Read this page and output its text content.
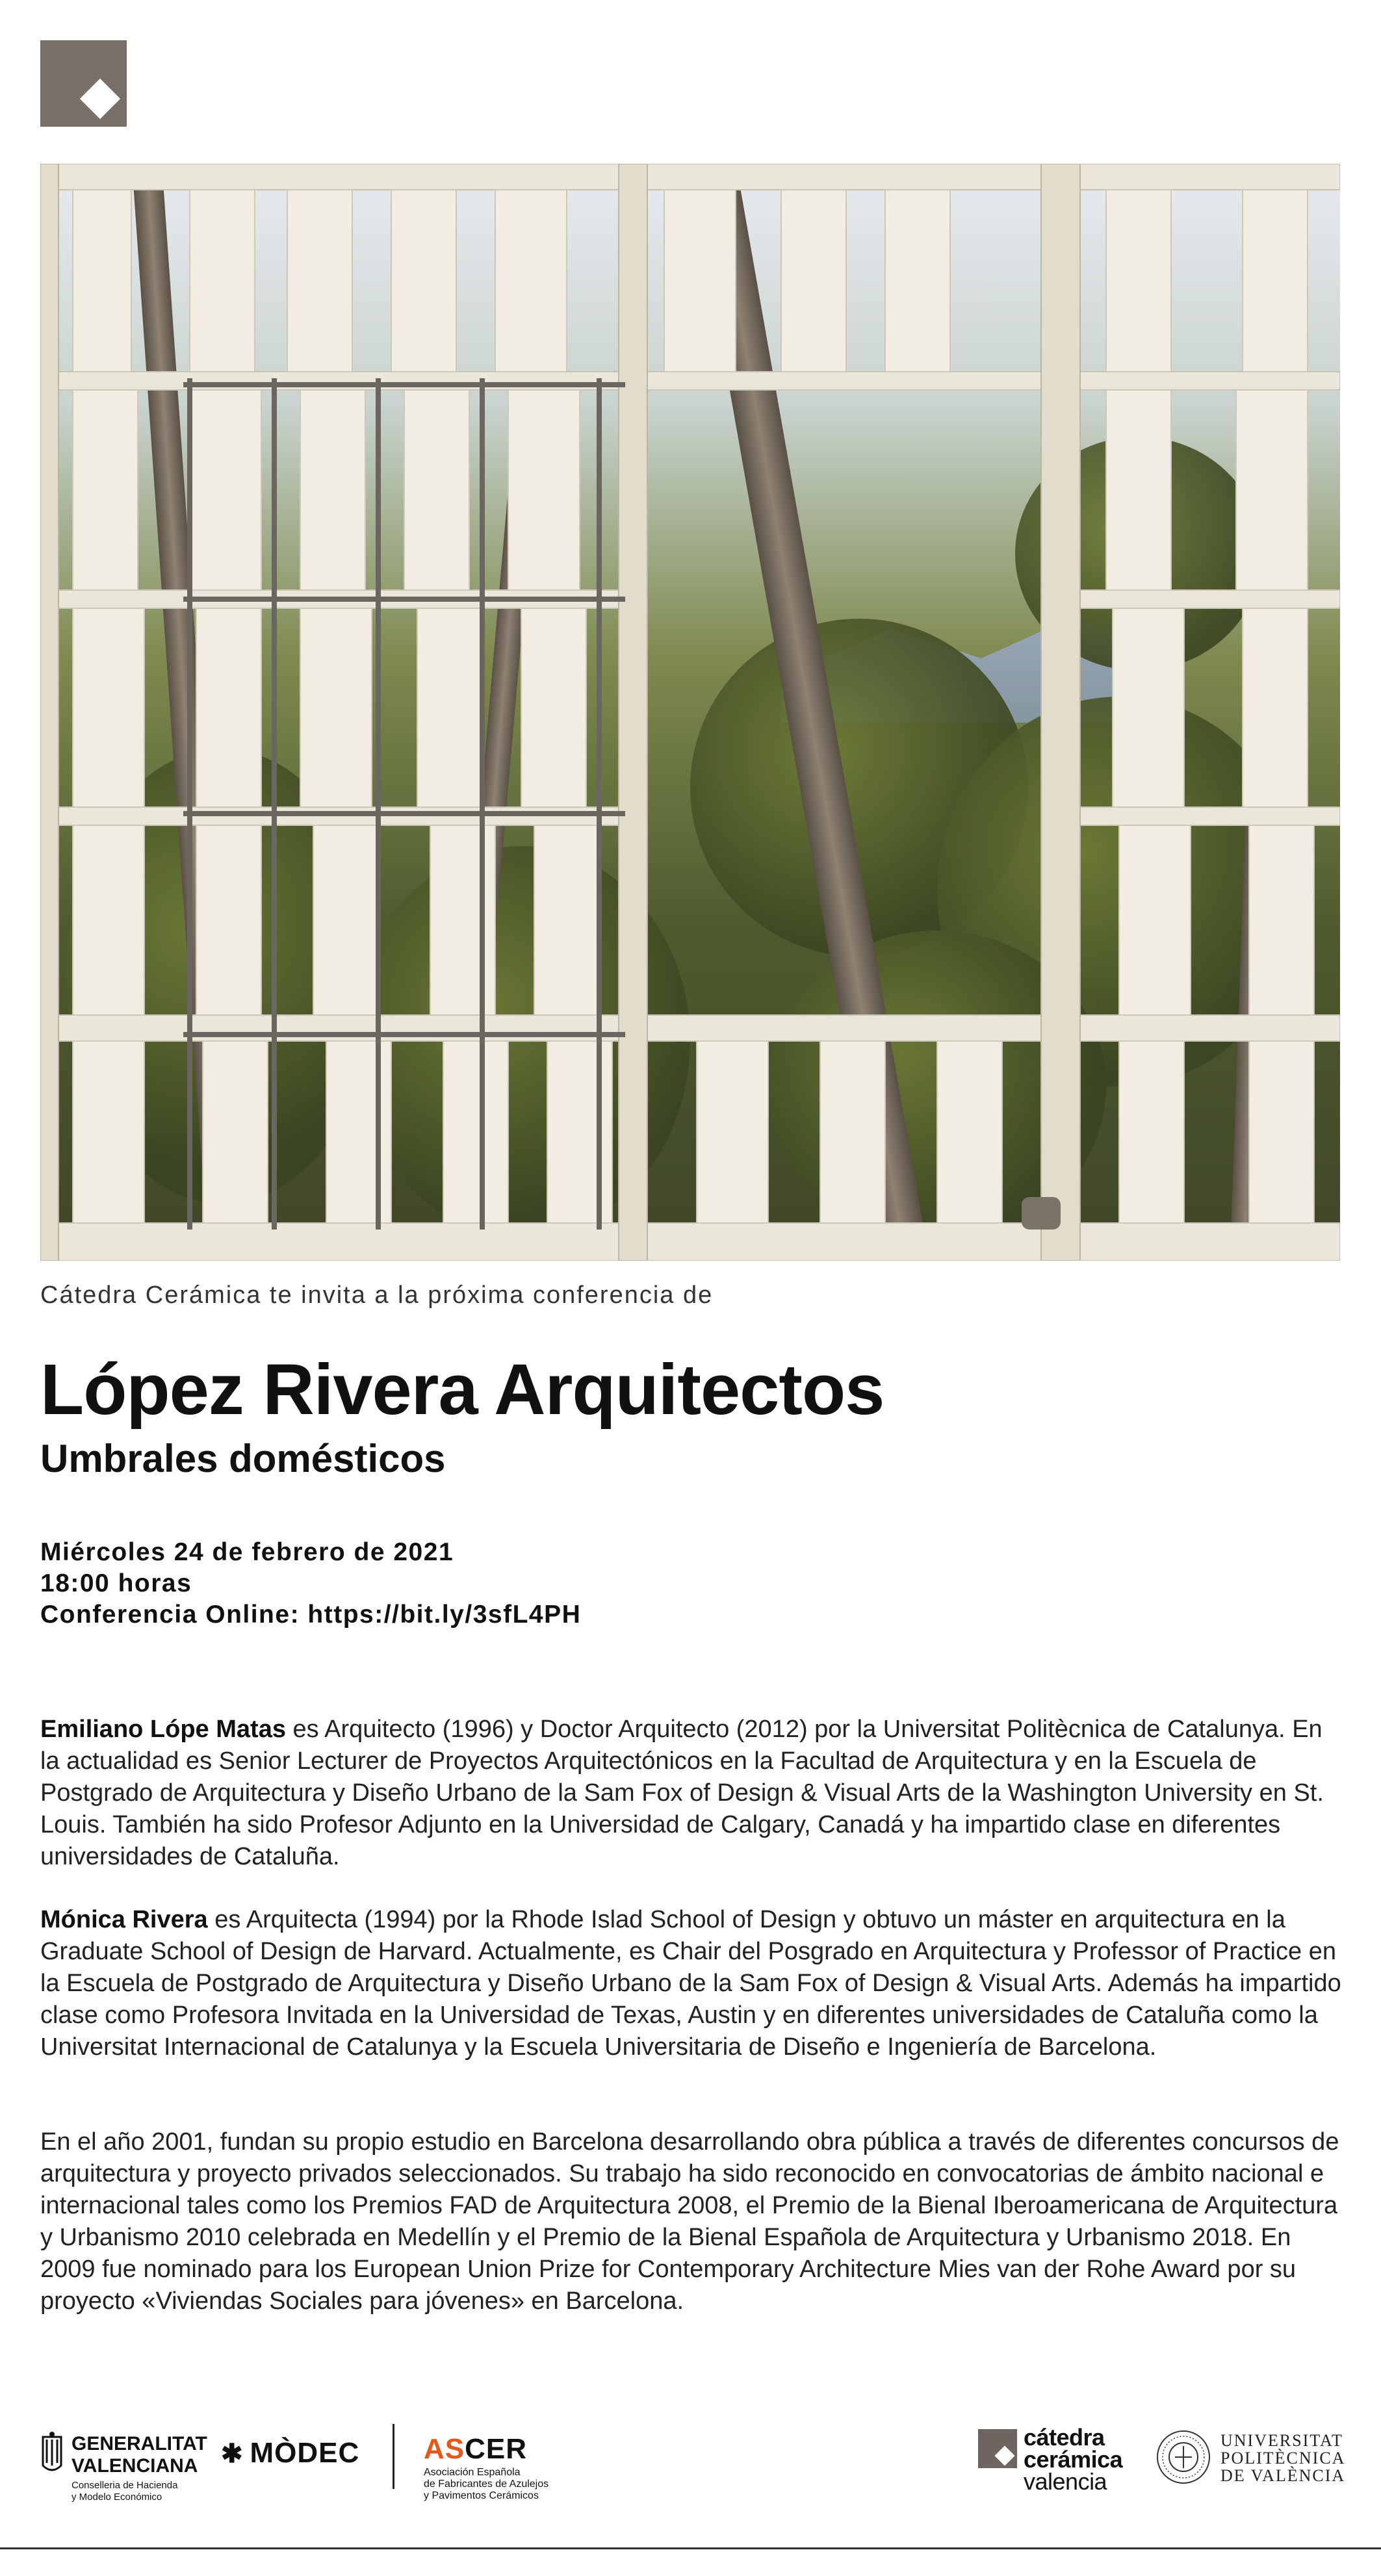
Cátedra Cerámica te invita a la próxima conferencia de
López Rivera Arquitectos
Umbrales domésticos
Miércoles 24 de febrero de 2021
18:00 horas
Conferencia Online: https://bit.ly/3sfL4PH

Emiliano Lópe Matas es Arquitecto (1996) y Doctor Arquitecto (2012) por la Universitat Politècnica de Catalunya. En la actualidad es Senior Lecturer de Proyectos Arquitectónicos en la Facultad de Arquitectura y en la Escuela de Postgrado de Arquitectura y Diseño Urbano de la Sam Fox of Design & Visual Arts de la Washington University en St. Louis. También ha sido Profesor Adjunto en la Universidad de Calgary, Canadá y ha impartido clase en diferentes universidades de Cataluña.

Mónica Rivera es Arquitecta (1994) por la Rhode Islad School of Design y obtuvo un máster en arquitectura en la Graduate School of Design de Harvard. Actualmente, es Chair del Posgrado en Arquitectura y Professor of Practice en la Escuela de Postgrado de Arquitectura y Diseño Urbano de la Sam Fox of Design & Visual Arts. Además ha impartido clase como Profesora Invitada en la Universidad de Texas, Austin y en diferentes universidades de Cataluña como la Universitat Internacional de Catalunya y la Escuela Universitaria de Diseño e Ingeniería de Barcelona.

En el año 2001, fundan su propio estudio en Barcelona desarrollando obra pública a través de diferentes concursos de arquitectura y proyecto privados seleccionados. Su trabajo ha sido reconocido en convocatorias de ámbito nacional e internacional tales como los Premios FAD de Arquitectura 2008, el Premio de la Bienal Iberoamericana de Arquitectura y Urbanismo 2010 celebrada en Medellín y el Premio de la Bienal Española de Arquitectura y Urbanismo 2018. En 2009 fue nominado para los European Union Prize for Contemporary Architecture Mies van der Rohe Award por su proyecto «Viviendas Sociales para jóvenes» en Barcelona.

GENERALITAT
VALENCIANA
Conselleria de Hacienda
y Modelo Económico
✱ MÒDEC ASCER
Asociación Española
de Fabricantes de Azulejos
y Pavimentos Cerámicos
cátedra
cerámica
valencia
UNIVERSITAT
POLITÈCNICA
DE VALÈNCIA
